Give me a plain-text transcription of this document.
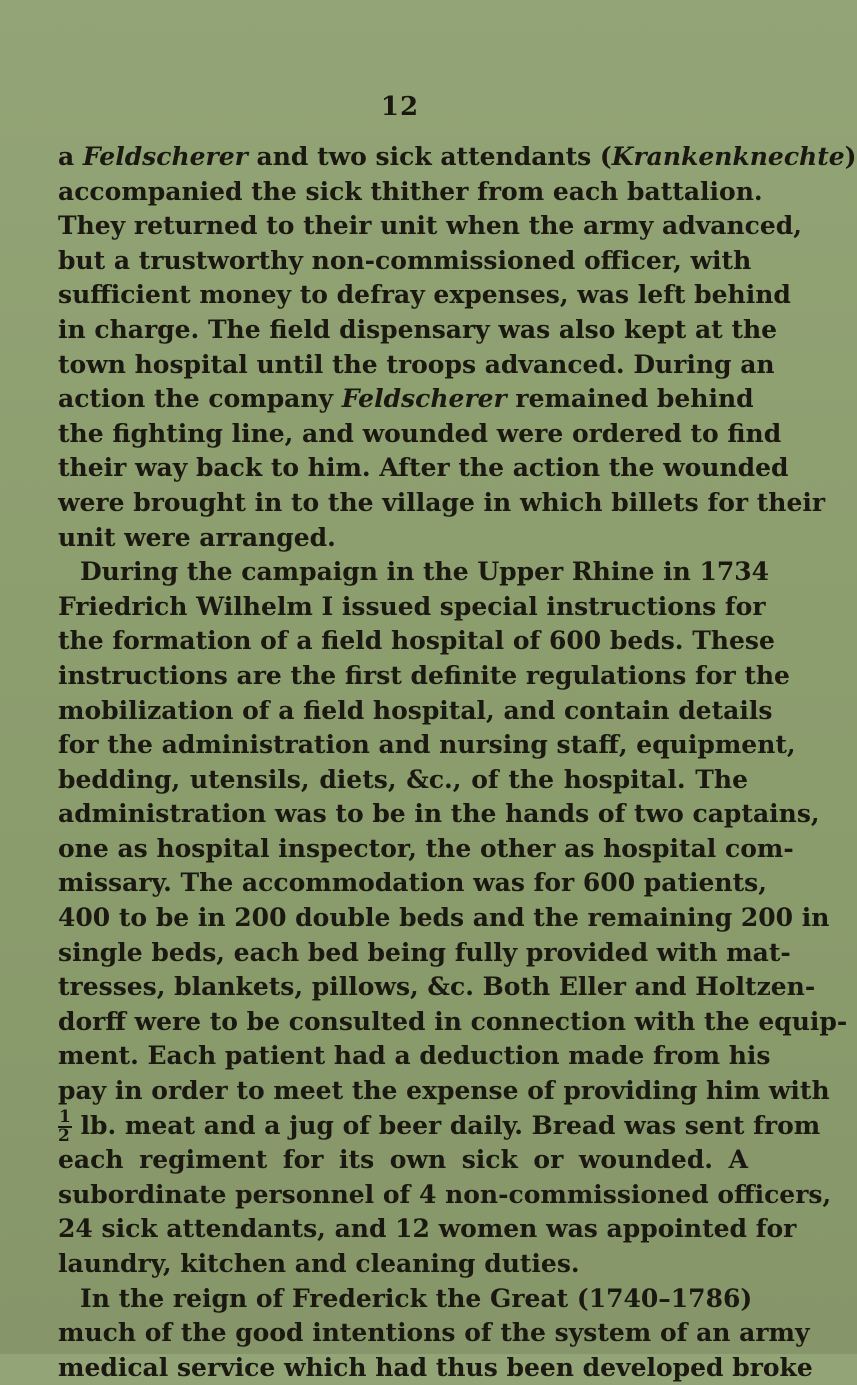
12
a Feldscherer and two sick attendants (Krankenknechte)
accompanied the sick thither from each battalion.
They returned to their unit when the army advanced,
but a trustworthy non-commissioned officer, with
sufficient money to defray expenses, was left behind
in charge. The field dispensary was also kept at the
town hospital until the troops advanced. During an
action the company Feldscherer remained behind
the fighting line, and wounded were ordered to find
their way back to him. After the action the wounded
were brought in to the village in which billets for their
unit were arranged.
During the campaign in the Upper Rhine in 1734
Friedrich Wilhelm I issued special instructions for
the formation of a field hospital of 600 beds. These
instructions are the first definite regulations for the
mobilization of a field hospital, and contain details
for the administration and nursing staff, equipment,
bedding, utensils, diets, &c., of the hospital. The
administration was to be in the hands of two captains,
one as hospital inspector, the other as hospital com-
missary. The accommodation was for 600 patients,
400 to be in 200 double beds and the remaining 200 in
single beds, each bed being fully provided with mat-
tresses, blankets, pillows, &c. Both Eller and Holtzen-
dorff were to be consulted in connection with the equip-
ment. Each patient had a deduction made from his
pay in order to meet the expense of providing him with
$\frac{1}{2}$ lb. meat and a jug of beer daily. Bread was sent from
each regiment for its own sick or wounded. A
subordinate personnel of 4 non-commissioned officers,
24 sick attendants, and 12 women was appointed for
laundry, kitchen and cleaning duties.
In the reign of Frederick the Great (1740–1786)
much of the good intentions of the system of an army
medical service which had thus been developed broke
